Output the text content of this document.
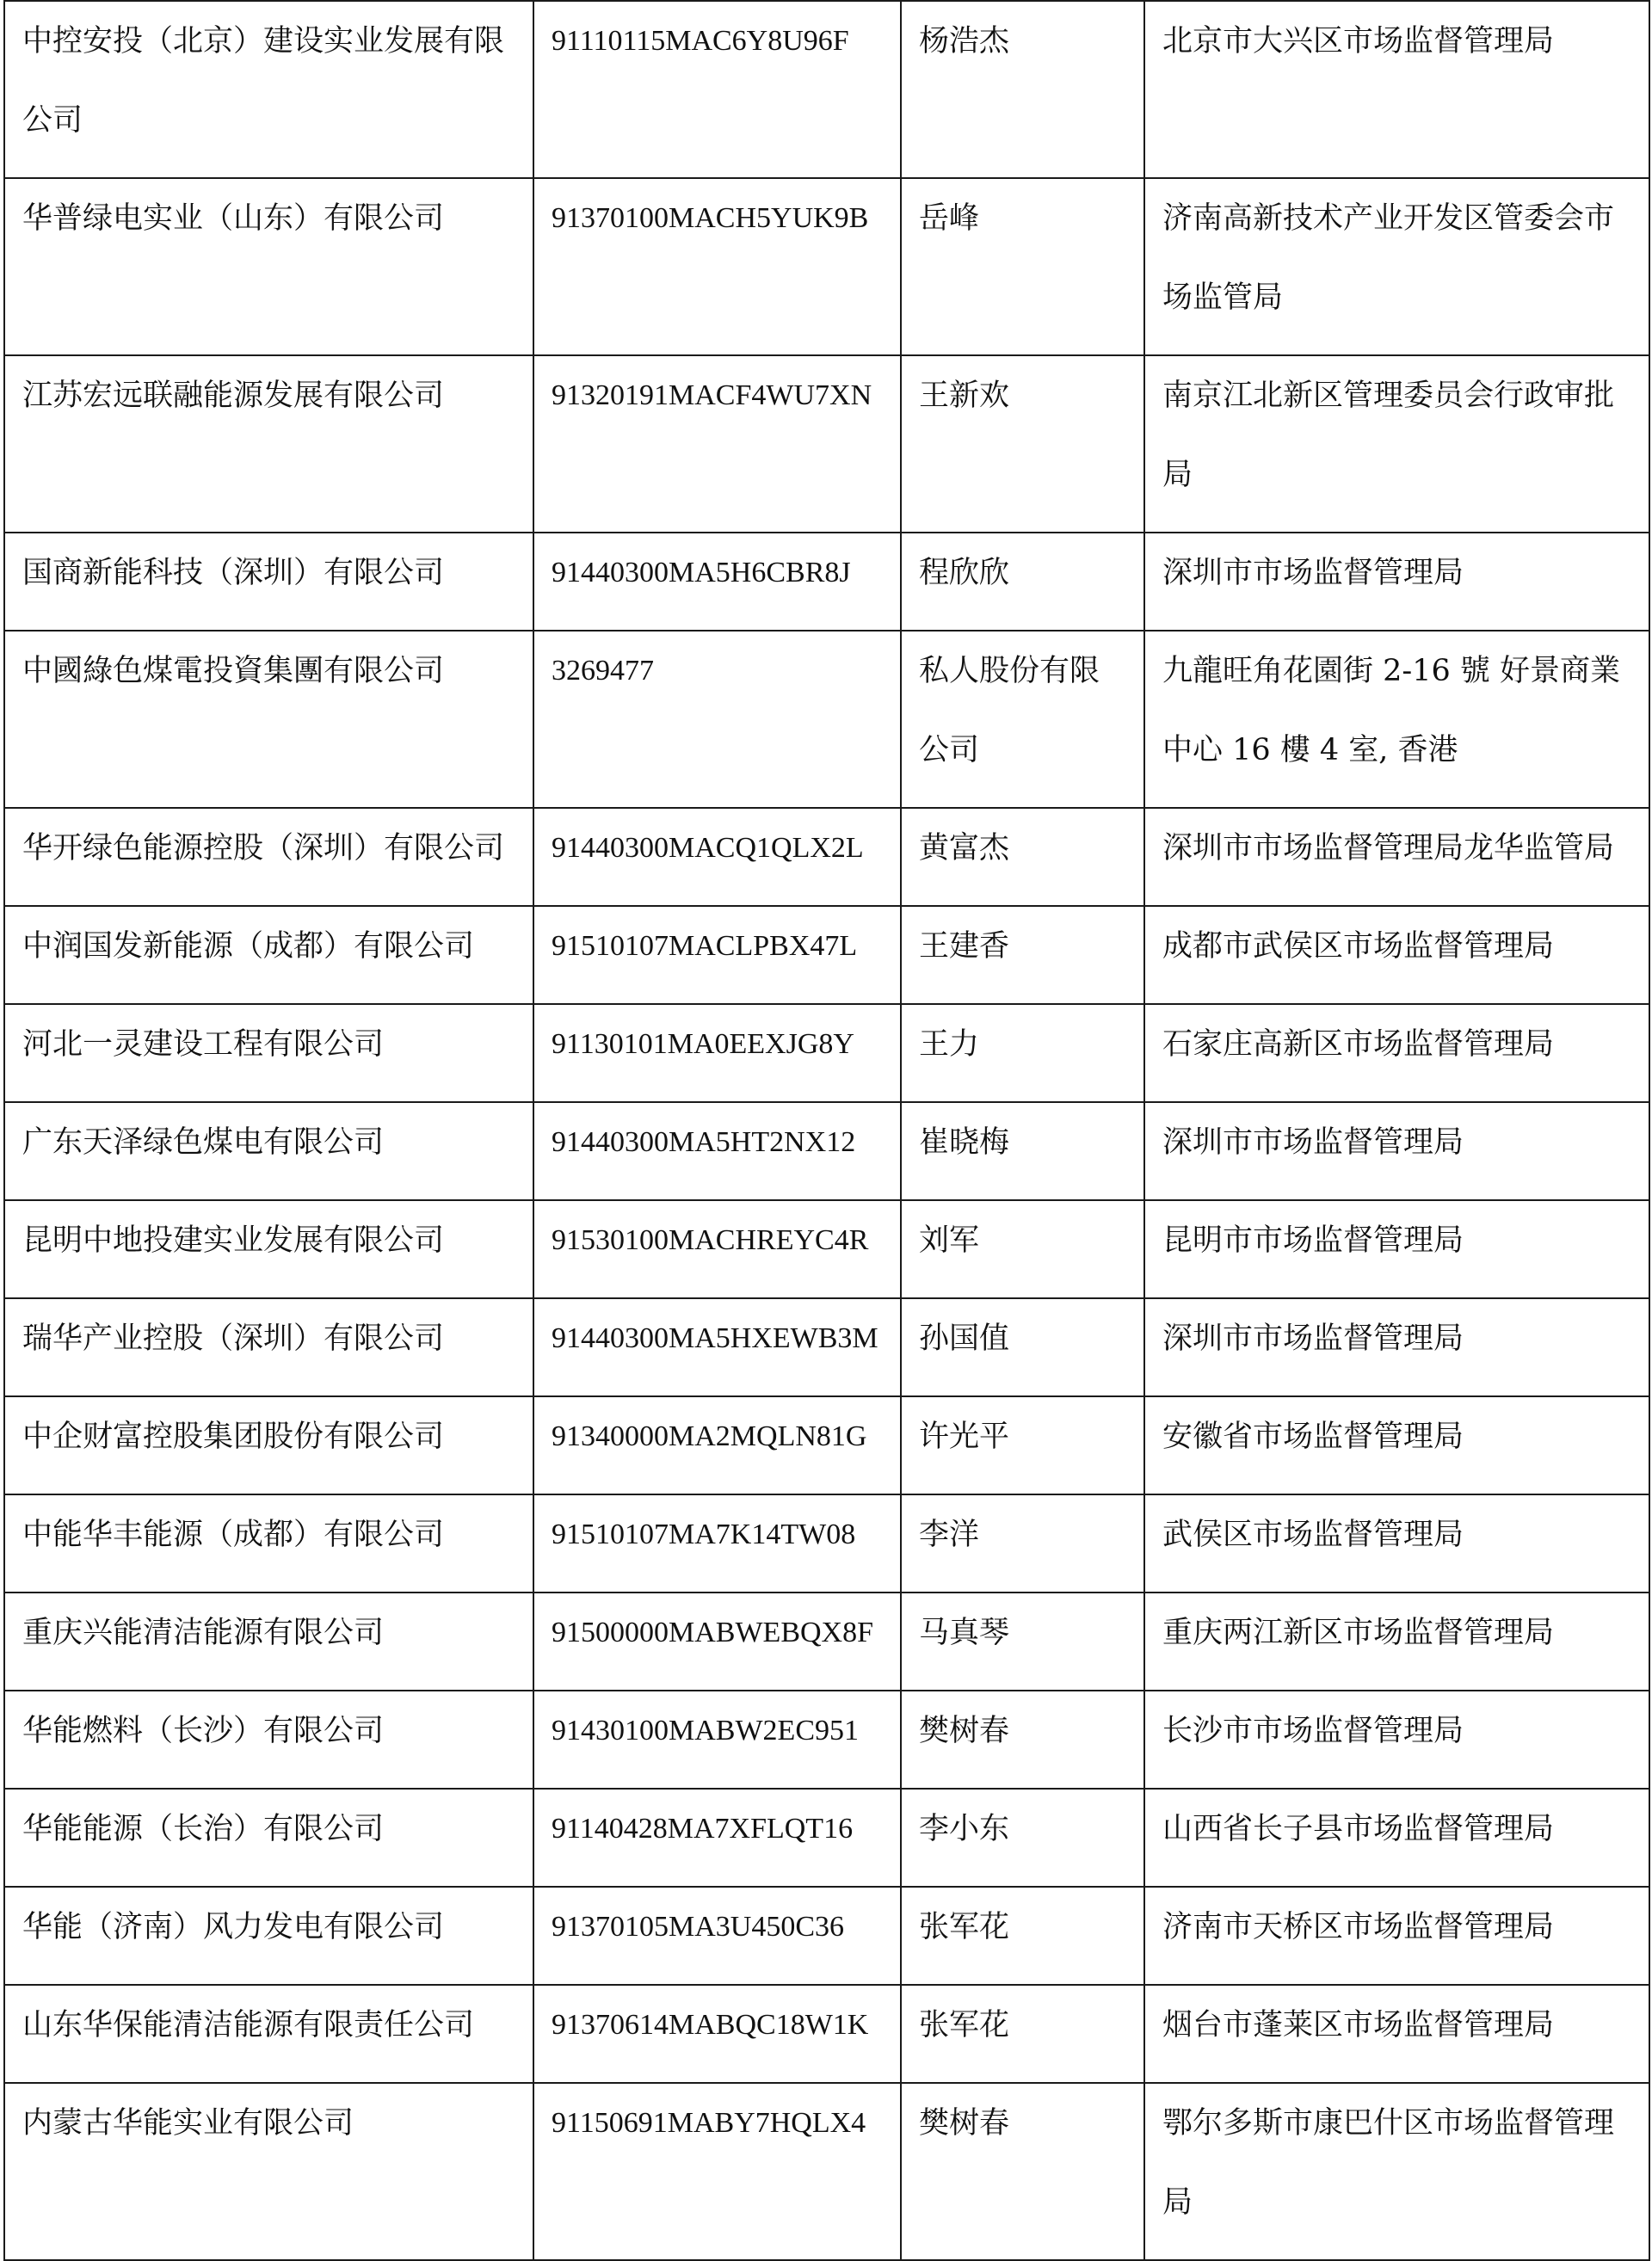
中控安投（北京）建设实业发展有限公司	91110115MAC6Y8U96F	杨浩杰	北京市大兴区市场监督管理局

华普绿电实业（山东）有限公司	91370100MACH5YUK9B	岳峰	济南高新技术产业开发区管委会市场监管局

江苏宏远联融能源发展有限公司	91320191MACF4WU7XN	王新欢	南京江北新区管理委员会行政审批局

国商新能科技（深圳）有限公司	91440300MA5H6CBR8J	程欣欣	深圳市市场监督管理局

中國綠色煤電投資集團有限公司	3269477	私人股份有限公司	九龍旺角花園街 2-16 號 好景商業中心 16 樓 4 室, 香港

华开绿色能源控股（深圳）有限公司	91440300MACQ1QLX2L	黄富杰	深圳市市场监督管理局龙华监管局

中润国发新能源（成都）有限公司	91510107MACLPBX47L	王建香	成都市武侯区市场监督管理局

河北一灵建设工程有限公司	91130101MA0EEXJG8Y	王力	石家庄高新区市场监督管理局

广东天泽绿色煤电有限公司	91440300MA5HT2NX12	崔晓梅	深圳市市场监督管理局

昆明中地投建实业发展有限公司	91530100MACHREYC4R	刘军	昆明市市场监督管理局

瑞华产业控股（深圳）有限公司	91440300MA5HXEWB3M	孙国值	深圳市市场监督管理局

中企财富控股集团股份有限公司	91340000MA2MQLN81G	许光平	安徽省市场监督管理局

中能华丰能源（成都）有限公司	91510107MA7K14TW08	李洋	武侯区市场监督管理局

重庆兴能清洁能源有限公司	91500000MABWEBQX8F	马真琴	重庆两江新区市场监督管理局

华能燃料（长沙）有限公司	91430100MABW2EC951	樊树春	长沙市市场监督管理局

华能能源（长治）有限公司	91140428MA7XFLQT16	李小东	山西省长子县市场监督管理局

华能（济南）风力发电有限公司	91370105MA3U450C36	张军花	济南市天桥区市场监督管理局

山东华保能清洁能源有限责任公司	91370614MABQC18W1K	张军花	烟台市蓬莱区市场监督管理局

内蒙古华能实业有限公司	91150691MABY7HQLX4	樊树春	鄂尔多斯市康巴什区市场监督管理局
